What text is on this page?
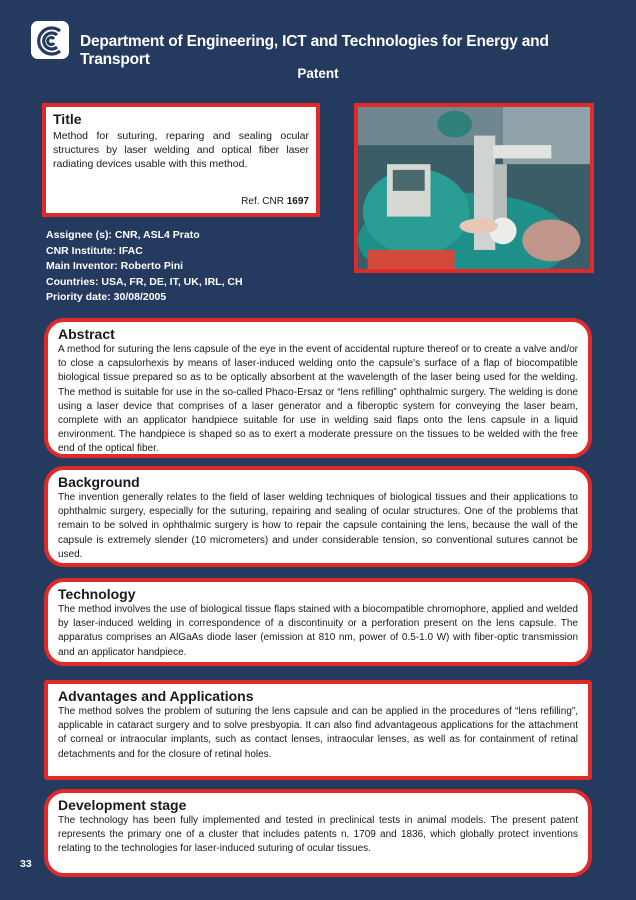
Department of Engineering, ICT and Technologies for Energy and Transport
Patent
Title

Method for suturing, reparing and sealing ocular structures by laser welding and optical fiber laser radiating devices usable with this method.

Ref. CNR 1697
Assignee (s): CNR, ASL4 Prato
CNR Institute: IFAC
Main Inventor: Roberto Pini
Countries: USA, FR, DE, IT, UK, IRL, CH
Priority date: 30/08/2005
Abstract

A method for suturing the lens capsule of the eye in the event of accidental rupture thereof or to create a valve and/or to close a capsulorhexis by means of laser-induced welding onto the capsule’s surface of a flap of biocompatible biological tissue prepared so as to be optically absorbent at the wavelength of the laser being used for the welding. The method is suitable for use in the so-called Phaco-Ersaz or “lens refilling” ophthalmic surgery. The welding is done using a laser device that comprises of a laser generator and a fiberoptic system for conveying the laser beam, complete with an applicator handpiece suitable for use in welding said flaps onto the lens capsule in a liquid environment. The handpiece is shaped so as to exert a moderate pressure on the tissues to be welded with the free end of the optical fiber.

Background

The invention generally relates to the field of laser welding techniques of biological tissues and their applications to ophthalmic surgery, especially for the suturing, repairing and sealing of ocular structures. One of the problems that remain to be solved in ophthalmic surgery is how to repair the capsule containing the lens, because the wall of the capsule is extremely slender (10 micrometers) and under considerable tension, so conventional sutures cannot be used.

Technology

The method involves the use of biological tissue flaps stained with a biocompatible chromophore, applied and welded by laser-induced welding in correspondence of a discontinuity or a perforation present on the lens capsule. The apparatus comprises an AlGaAs diode laser (emission at 810 nm, power of 0.5-1.0 W) with fiber-optic transmission and an applicator handpiece.

Advantages and Applications

The method solves the problem of suturing the lens capsule and can be applied in the procedures of “lens refilling”, applicable in cataract surgery and to solve presbyopia. It can also find advantageous applications for the attachment of corneal or intraocular implants, such as contact lenses, intraocular lenses, as well as for containment of retinal detachments and for the closure of retinal holes.

Development stage

The technology has been fully implemented and tested in preclinical tests in animal models. The present patent represents the primary one of a cluster that includes patents n. 1709 and 1836, which globally protect inventions relating to the technologies for laser-induced suturing of ocular tissues.

33
